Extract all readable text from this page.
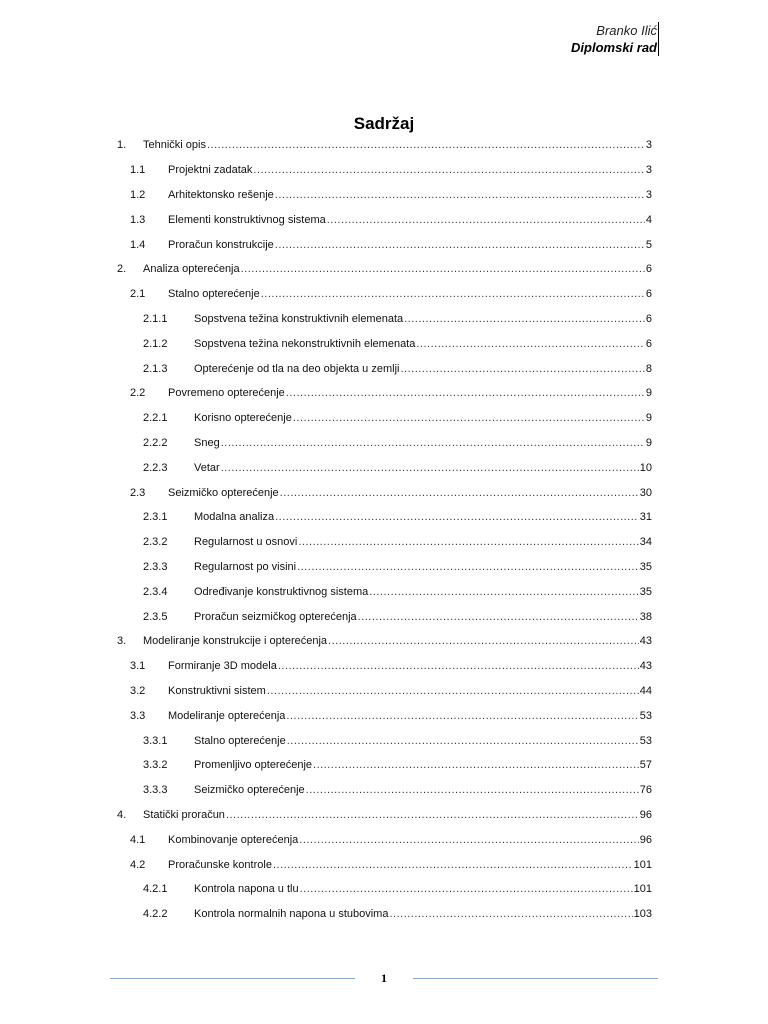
Branko Ilić
Diplomski rad
Sadržaj
1.	Tehnički opis .....	3
1.1	Projektni zadatak .....	3
1.2	Arhitektonsko rešenje .....	3
1.3	Elementi konstruktivnog sistema .....	4
1.4	Proračun konstrukcije .....	5
2.	Analiza opterećenja .....	6
2.1	Stalno opterećenje .....	6
2.1.1	Sopstvena težina konstruktivnih elemenata .....	6
2.1.2	Sopstvena težina nekonstruktivnih elemenata .....	6
2.1.3	Opterećenje od tla na deo objekta u zemlji .....	8
2.2	Povremeno opterećenje .....	9
2.2.1	Korisno opterećenje .....	9
2.2.2	Sneg .....	9
2.2.3	Vetar .....	10
2.3	Seizmičko opterećenje .....	30
2.3.1	Modalna analiza .....	31
2.3.2	Regularnost u osnovi .....	34
2.3.3	Regularnost po visini .....	35
2.3.4	Određivanje konstruktivnog sistema .....	35
2.3.5	Proračun seizmičkog opterećenja .....	38
3.	Modeliranje konstrukcije i opterećenja .....	43
3.1	Formiranje 3D modela .....	43
3.2	Konstruktivni sistem .....	44
3.3	Modeliranje opterećenja .....	53
3.3.1	Stalno opterećenje .....	53
3.3.2	Promenljivo opterećenje .....	57
3.3.3	Seizmičko opterećenje .....	76
4.	Statički proračun .....	96
4.1	Kombinovanje opterećenja .....	96
4.2	Proračunske kontrole .....	101
4.2.1	Kontrola napona u tlu .....	101
4.2.2	Kontrola normalnih napona u stubovima .....	103
1
